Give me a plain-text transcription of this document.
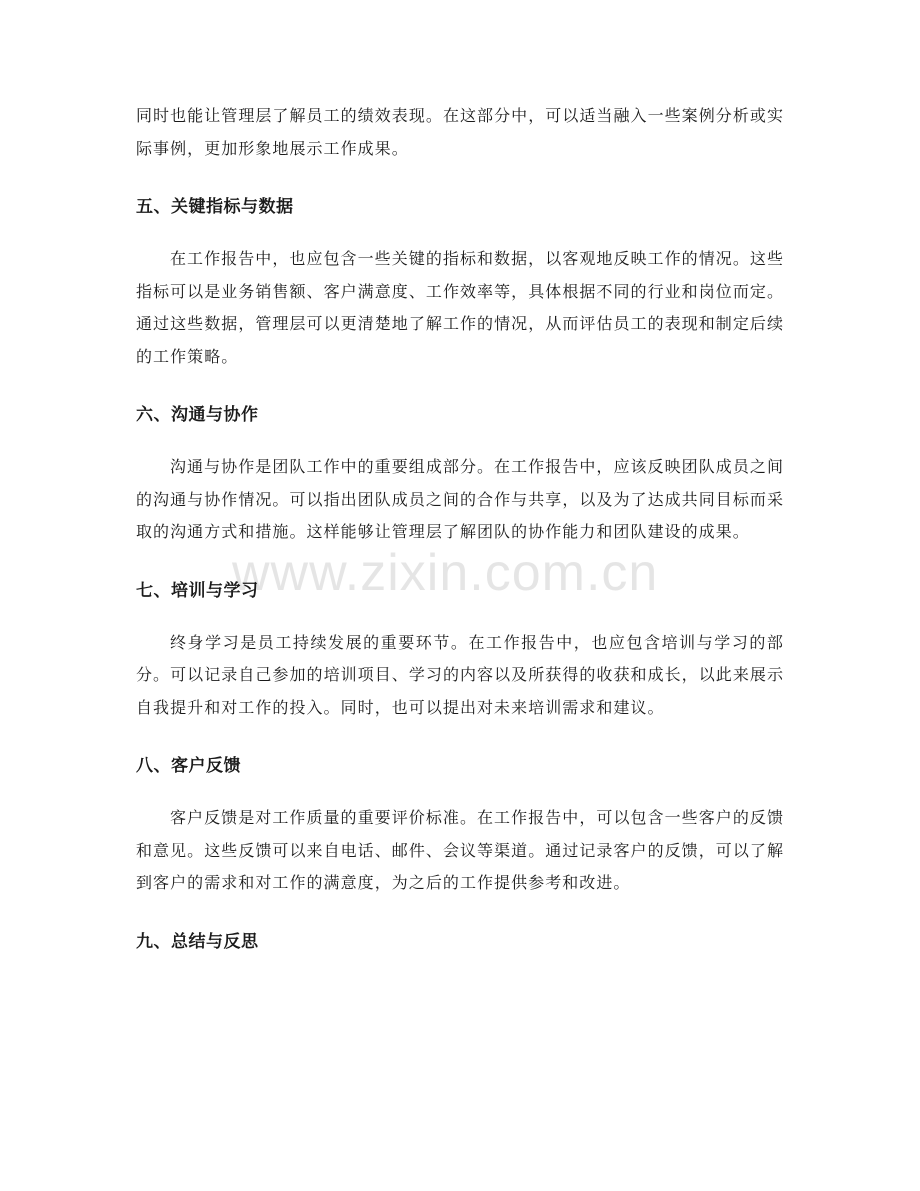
同时也能让管理层了解员工的绩效表现。在这部分中，可以适当融入一些案例分析或实际事例，更加形象地展示工作成果。

五、关键指标与数据

在工作报告中，也应包含一些关键的指标和数据，以客观地反映工作的情况。这些指标可以是业务销售额、客户满意度、工作效率等，具体根据不同的行业和岗位而定。通过这些数据，管理层可以更清楚地了解工作的情况，从而评估员工的表现和制定后续的工作策略。

六、沟通与协作

沟通与协作是团队工作中的重要组成部分。在工作报告中，应该反映团队成员之间的沟通与协作情况。可以指出团队成员之间的合作与共享，以及为了达成共同目标而采取的沟通方式和措施。这样能够让管理层了解团队的协作能力和团队建设的成果。

七、培训与学习

终身学习是员工持续发展的重要环节。在工作报告中，也应包含培训与学习的部分。可以记录自己参加的培训项目、学习的内容以及所获得的收获和成长，以此来展示自我提升和对工作的投入。同时，也可以提出对未来培训需求和建议。

八、客户反馈

客户反馈是对工作质量的重要评价标准。在工作报告中，可以包含一些客户的反馈和意见。这些反馈可以来自电话、邮件、会议等渠道。通过记录客户的反馈，可以了解到客户的需求和对工作的满意度，为之后的工作提供参考和改进。

九、总结与反思
www.zixin.com.cn
